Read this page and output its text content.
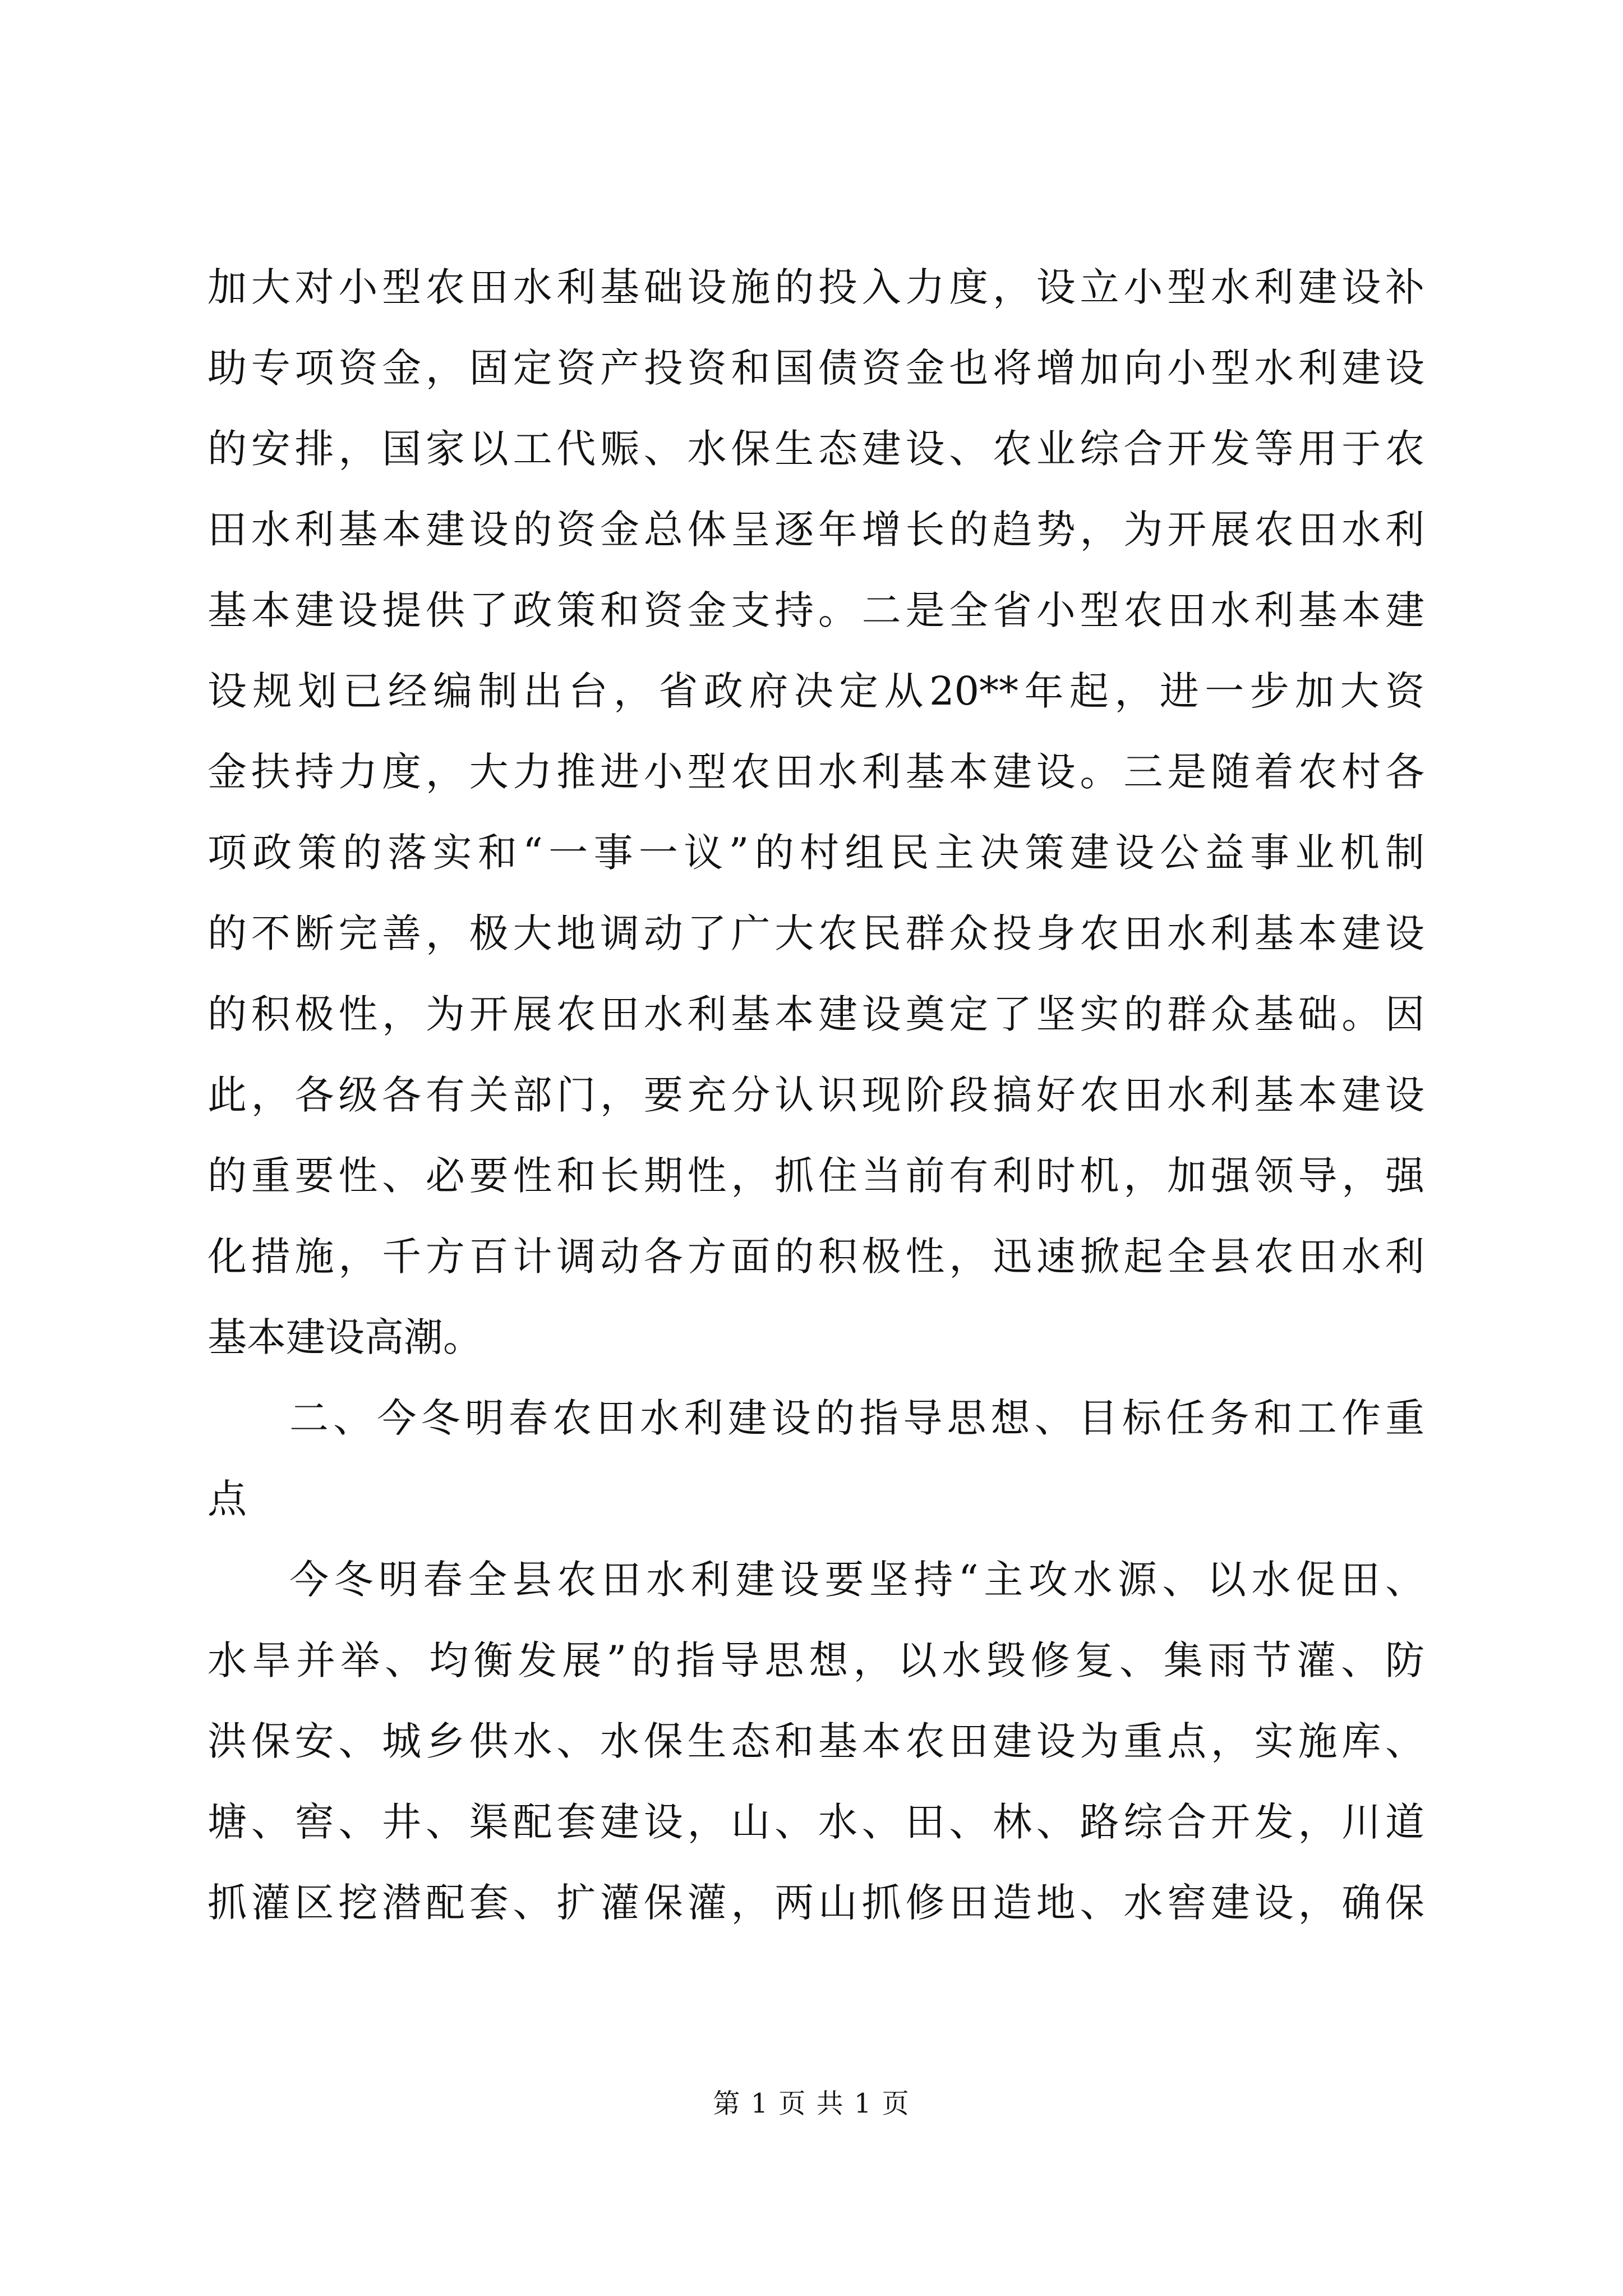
加大对小型农田水利基础设施的投入力度，设立小型水利建设补
助专项资金，固定资产投资和国债资金也将增加向小型水利建设
的安排，国家以工代赈、水保生态建设、农业综合开发等用于农
田水利基本建设的资金总体呈逐年增长的趋势，为开展农田水利
基本建设提供了政策和资金支持。二是全省小型农田水利基本建
设规划已经编制出台，省政府决定从20**年起，进一步加大资
金扶持力度，大力推进小型农田水利基本建设。三是随着农村各
项政策的落实和“一事一议”的村组民主决策建设公益事业机制
的不断完善，极大地调动了广大农民群众投身农田水利基本建设
的积极性，为开展农田水利基本建设奠定了坚实的群众基础。因
此，各级各有关部门，要充分认识现阶段搞好农田水利基本建设
的重要性、必要性和长期性，抓住当前有利时机，加强领导，强
化措施，千方百计调动各方面的积极性，迅速掀起全县农田水利
基本建设高潮。
二、今冬明春农田水利建设的指导思想、目标任务和工作重
点
今冬明春全县农田水利建设要坚持“主攻水源、以水促田、
水旱并举、均衡发展”的指导思想，以水毁修复、集雨节灌、防
洪保安、城乡供水、水保生态和基本农田建设为重点，实施库、
塘、窖、井、渠配套建设，山、水、田、林、路综合开发，川道
抓灌区挖潜配套、扩灌保灌，两山抓修田造地、水窖建设，确保
第 1 页 共 1 页
